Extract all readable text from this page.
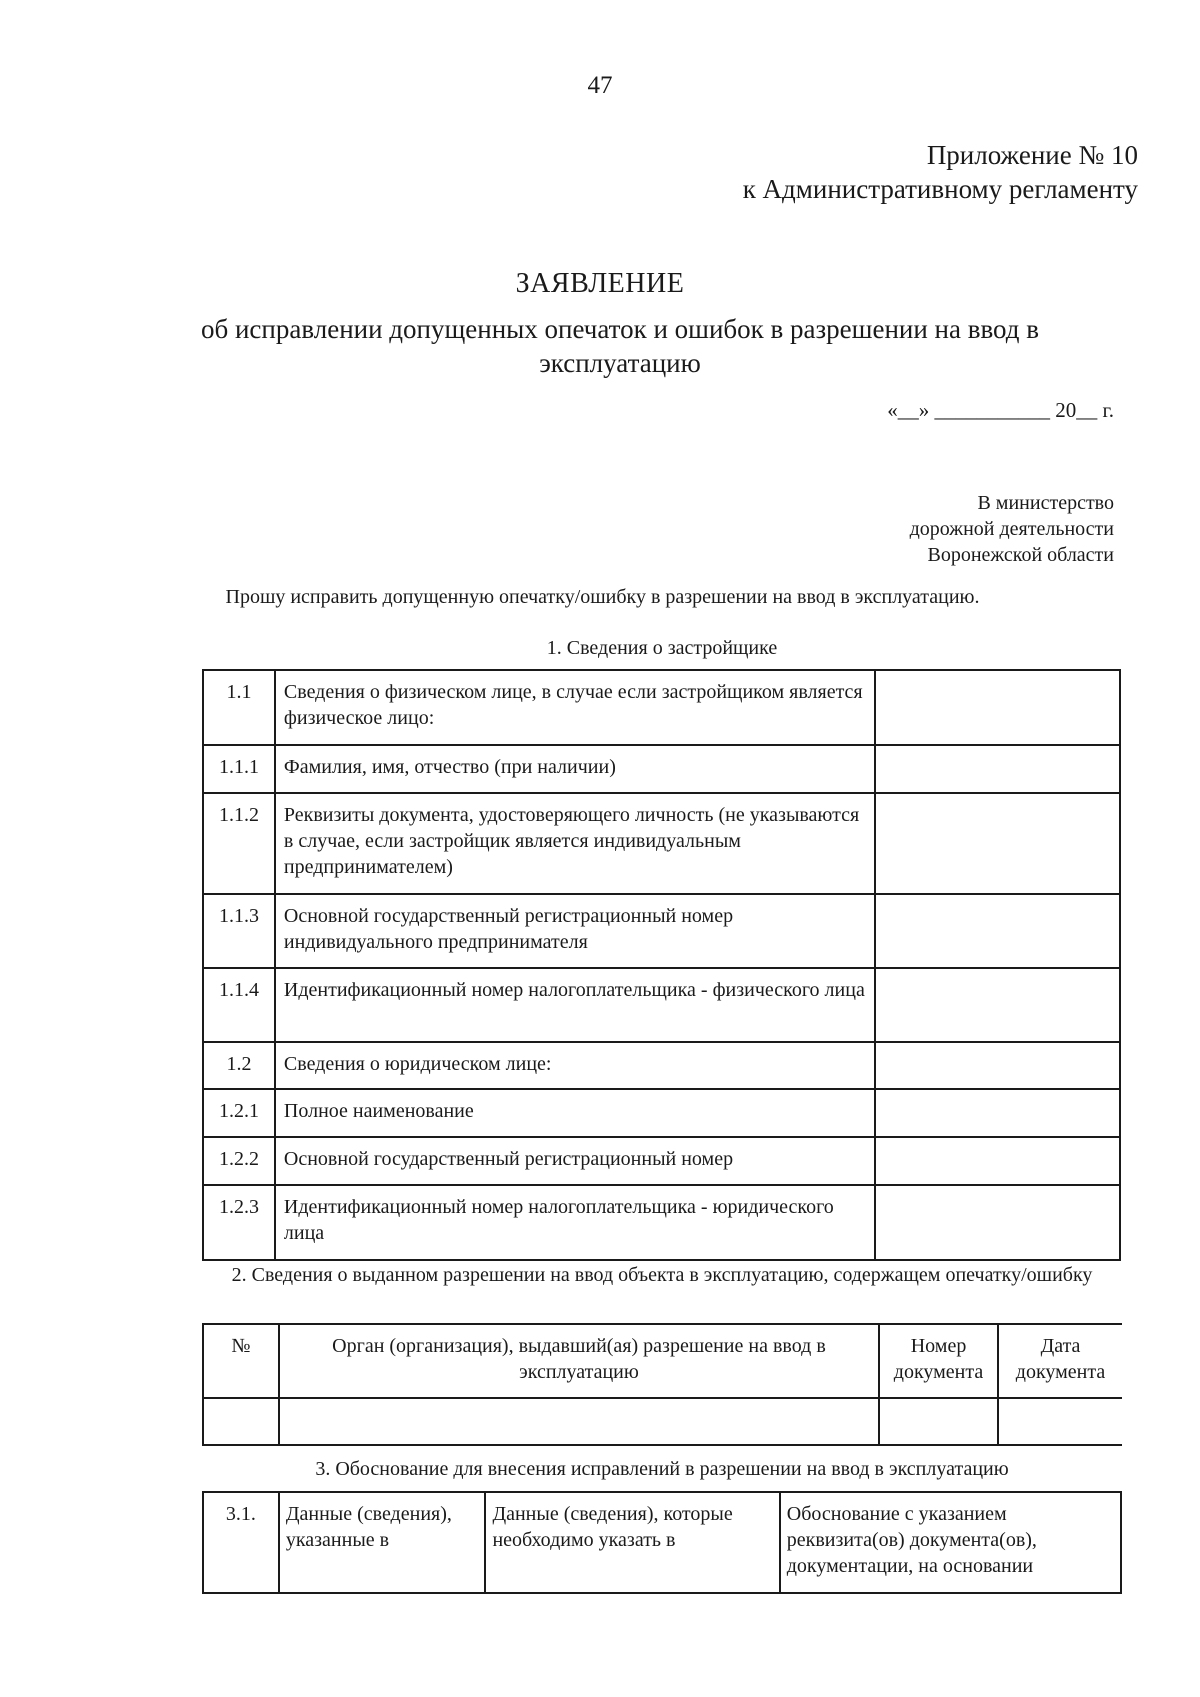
47
Приложение № 10
к Административному регламенту
ЗАЯВЛЕНИЕ
об исправлении допущенных опечаток и ошибок в разрешении на ввод в эксплуатацию
«__» ___________ 20__ г.
В министерство
дорожной деятельности
Воронежской области
Прошу исправить допущенную опечатку/ошибку в разрешении на ввод в эксплуатацию.
1. Сведения о застройщике
1.1	Сведения о физическом лице, в случае если застройщиком является физическое лицо:	
1.1.1	Фамилия, имя, отчество (при наличии)	
1.1.2	Реквизиты документа, удостоверяющего личность (не указываются в случае, если застройщик является индивидуальным предпринимателем)	
1.1.3	Основной государственный регистрационный номер индивидуального предпринимателя	
1.1.4	Идентификационный номер налогоплательщика - физического лица	
1.2	Сведения о юридическом лице:	
1.2.1	Полное наименование	
1.2.2	Основной государственный регистрационный номер	
1.2.3	Идентификационный номер налогоплательщика - юридического лица	
2. Сведения о выданном разрешении на ввод объекта в эксплуатацию, содержащем опечатку/ошибку
№	Орган (организация), выдавший(ая) разрешение на ввод в эксплуатацию	Номер документа	Дата документа

3. Обоснование для внесения исправлений в разрешении на ввод в эксплуатацию
3.1.	Данные (сведения), указанные в	Данные (сведения), которые необходимо указать в	Обоснование с указанием реквизита(ов) документа(ов), документации, на основании
